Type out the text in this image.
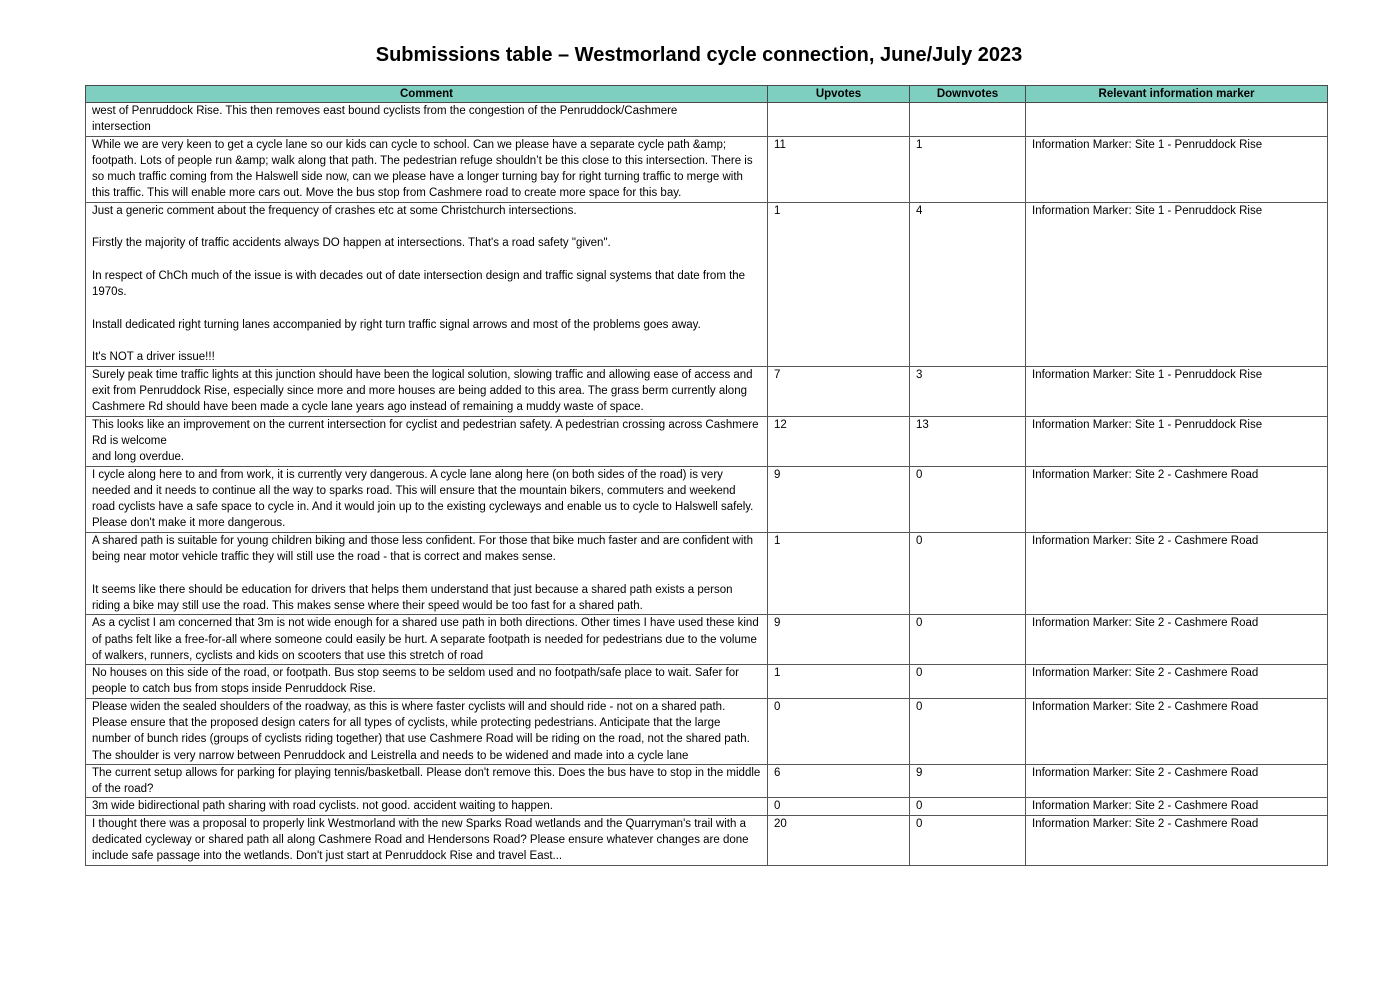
Submissions table – Westmorland cycle connection, June/July 2023
Comment	Upvotes	Downvotes	Relevant information marker
west of Penruddock Rise. This then removes east bound cyclists from the congestion of the Penruddock/Cashmere
intersection			
While we are very keen to get a cycle lane so our kids can cycle to school. Can we please have a separate cycle path &amp; footpath. Lots of people run &amp; walk along that path. The pedestrian refuge shouldn’t be this close to this intersection. There is so much traffic coming from the Halswell side now, can we please have a longer turning bay for right turning traffic to merge with this traffic. This will enable more cars out. Move the bus stop from Cashmere road to create more space for this bay.	11	1	Information Marker: Site 1 - Penruddock Rise
Just a generic comment about the frequency of crashes etc at some Christchurch intersections.

Firstly the majority of traffic accidents always DO happen at intersections. That's a road safety "given".

In respect of ChCh much of the issue is with decades out of date intersection design and traffic signal systems that date from the 1970s.

Install dedicated right turning lanes accompanied by right turn traffic signal arrows and most of the problems goes away.

It's NOT a driver issue!!!	1	4	Information Marker: Site 1 - Penruddock Rise
Surely peak time traffic lights at this junction should have been the logical solution, slowing traffic and allowing ease of access and exit from Penruddock Rise, especially since more and more houses are being added to this area. The grass berm currently along Cashmere Rd should have been made a cycle lane years ago instead of remaining a muddy waste of space.	7	3	Information Marker: Site 1 - Penruddock Rise
This looks like an improvement on the current intersection for cyclist and pedestrian safety. A pedestrian crossing across Cashmere Rd is welcome
and long overdue.	12	13	Information Marker: Site 1 - Penruddock Rise
I cycle along here to and from work, it is currently very dangerous. A cycle lane along here (on both sides of the road) is very needed and it needs to continue all the way to sparks road. This will ensure that the mountain bikers, commuters and weekend road cyclists have a safe space to cycle in. And it would join up to the existing cycleways and enable us to cycle to Halswell safely. Please don't make it more dangerous.	9	0	Information Marker: Site 2 - Cashmere Road
A shared path is suitable for young children biking and those less confident. For those that bike much faster and are confident with being near motor vehicle traffic they will still use the road - that is correct and makes sense.

It seems like there should be education for drivers that helps them understand that just because a shared path exists a person riding a bike may still use the road. This makes sense where their speed would be too fast for a shared path.	1	0	Information Marker: Site 2 - Cashmere Road
As a cyclist I am concerned that 3m is not wide enough for a shared use path in both directions. Other times I have used these kind of paths felt like a free-for-all where someone could easily be hurt. A separate footpath is needed for pedestrians due to the volume of walkers, runners, cyclists and kids on scooters that use this stretch of road	9	0	Information Marker: Site 2 - Cashmere Road
No houses on this side of the road, or footpath. Bus stop seems to be seldom used and no footpath/safe place to wait. Safer for people to catch bus from stops inside Penruddock Rise.	1	0	Information Marker: Site 2 - Cashmere Road
Please widen the sealed shoulders of the roadway, as this is where faster cyclists will and should ride - not on a shared path. Please ensure that the proposed design caters for all types of cyclists, while protecting pedestrians. Anticipate that the large number of bunch rides (groups of cyclists riding together) that use Cashmere Road will be riding on the road, not the shared path. The shoulder is very narrow between Penruddock and Leistrella and needs to be widened and made into a cycle lane	0	0	Information Marker: Site 2 - Cashmere Road
The current setup allows for parking for playing tennis/basketball. Please don't remove this. Does the bus have to stop in the middle of the road?	6	9	Information Marker: Site 2 - Cashmere Road
3m wide bidirectional path sharing with road cyclists. not good. accident waiting to happen.	0	0	Information Marker: Site 2 - Cashmere Road
I thought there was a proposal to properly link Westmorland with the new Sparks Road wetlands and the Quarryman's trail with a dedicated cycleway or shared path all along Cashmere Road and Hendersons Road? Please ensure whatever changes are done include safe passage into the wetlands. Don't just start at Penruddock Rise and travel East...	20	0	Information Marker: Site 2 - Cashmere Road
